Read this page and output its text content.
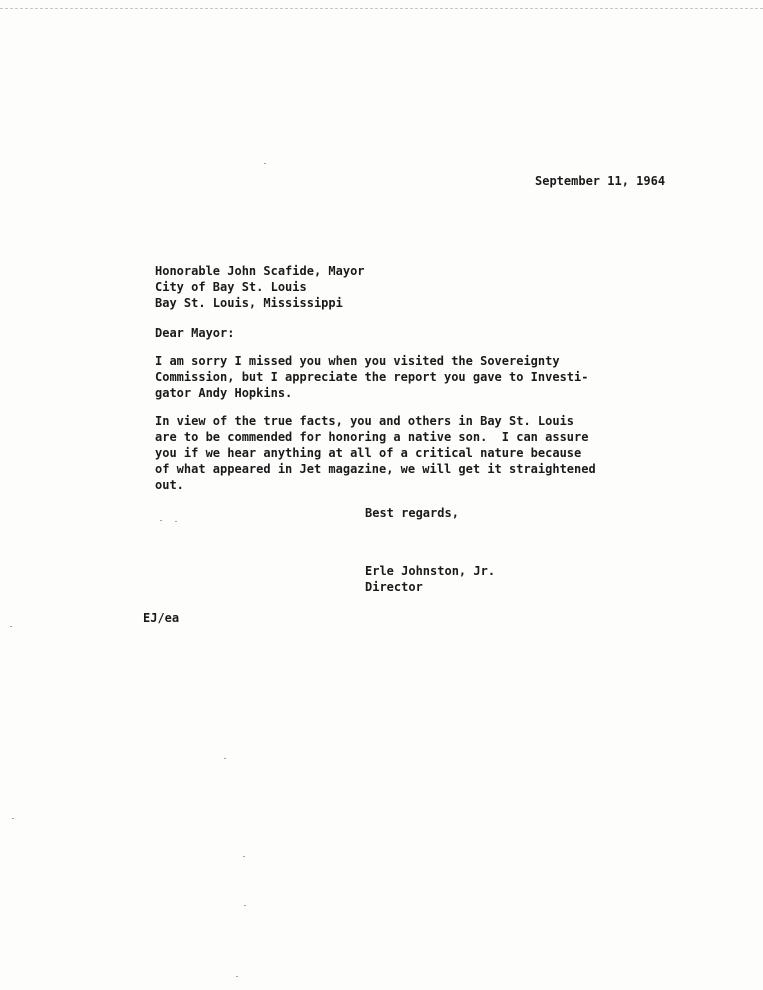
September 11, 1964
Honorable John Scafide, Mayor
City of Bay St. Louis
Bay St. Louis, Mississippi
Dear Mayor:
I am sorry I missed you when you visited the Sovereignty
Commission, but I appreciate the report you gave to Investi-
gator Andy Hopkins.
In view of the true facts, you and others in Bay St. Louis
are to be commended for honoring a native son.  I can assure
you if we hear anything at all of a critical nature because
of what appeared in Jet magazine, we will get it straightened
out.
Best regards,
Erle Johnston, Jr.
Director
EJ/ea
